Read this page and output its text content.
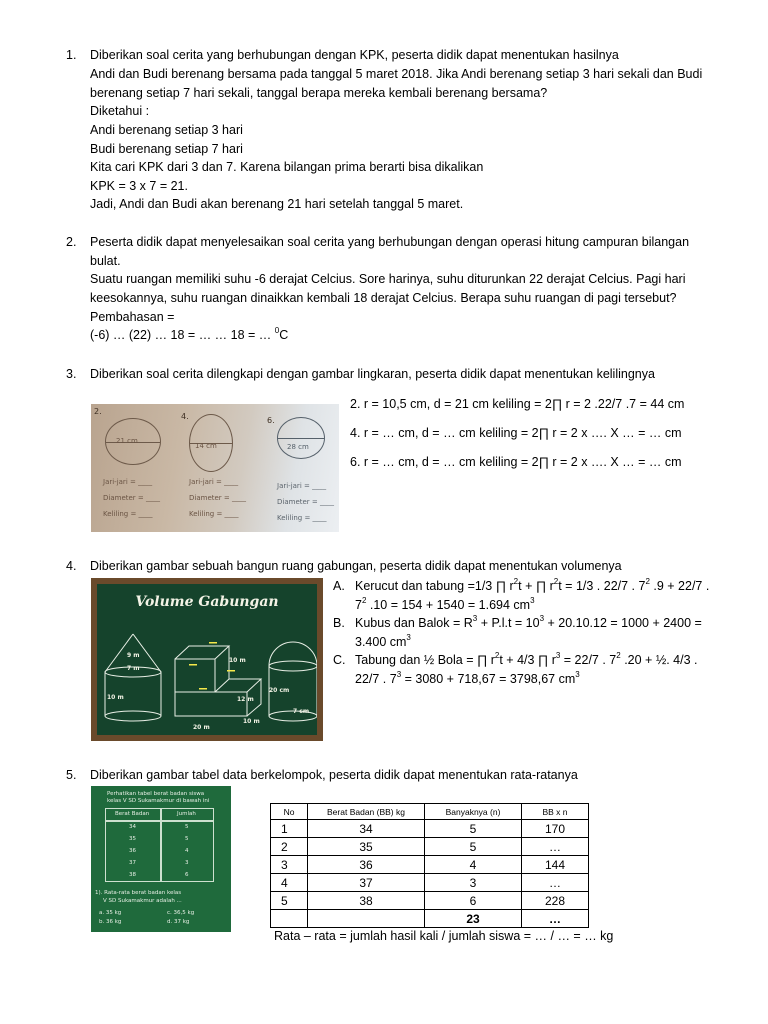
1. Diberikan soal cerita yang berhubungan dengan KPK, peserta didik dapat menentukan hasilnya
Andi dan Budi berenang bersama pada tanggal 5 maret 2018. Jika Andi berenang setiap 3 hari sekali dan Budi
berenang setiap 7 hari sekali, tanggal berapa mereka kembali berenang bersama?
Diketahui :
Andi berenang setiap 3 hari
Budi berenang setiap 7 hari
Kita cari KPK dari 3 dan 7. Karena bilangan prima berarti bisa dikalikan
KPK = 3 x 7 = 21.
Jadi, Andi dan Budi akan berenang 21 hari setelah tanggal 5 maret.
2. Peserta didik dapat menyelesaikan soal cerita yang berhubungan dengan operasi hitung campuran bilangan
bulat.
Suatu ruangan memiliki suhu -6 derajat Celcius. Sore harinya, suhu diturunkan 22 derajat Celcius. Pagi hari
keesokannya, suhu ruangan dinaikkan kembali 18 derajat Celcius. Berapa suhu ruangan di pagi tersebut?
Pembahasan =
(-6) … (22) … 18 = … … 18 = … $^0$C
3. Diberikan soal cerita dilengkapi dengan gambar lingkaran, peserta didik dapat menentukan kelilingnya
2.
4.	6.
21 cm
14 cm	28 cm
Jari-jari = ____
Diameter = ____
Keliling = ____
Jari-jari = ____
Diameter = ____
Keliling = ____
Jari-jari = ____
Diameter = ____
Keliling = ____
2. r = 10,5 cm, d = 21 cm keliling = 2∏ r = 2 .22/7 .7 = 44 cm
4. r = … cm, d = … cm keliling = 2∏ r = 2 x …. X … = … cm
6. r = … cm, d = … cm keliling = 2∏ r = 2 x …. X … = … cm
4. Diberikan gambar sebuah bangun ruang gabungan, peserta didik dapat menentukan volumenya
Volume Gabungan
9 m
7 m
10 m
10 m
12 m
20 m
10 m
20 cm
7 cm
A. Kerucut dan tabung =1/3 ∏ $r^2t$ + ∏ $r^2t = 1/3$ . 22/7 . $7^2$ .9 + 22/7 .
$7^2$ .10 = 154 + 1540 = 1.694 $cm^3$
B. Kubus dan Balok = $R^3 + P.l.t = 10^3 + 20.10.12 = 1000 + 2400$ =
3.400 $cm^3$
C. Tabung dan ½ Bola = ∏ $r^2t + 4/3$ ∏ $r^3 = 22/7$ . $7^2$ .20 + ½. 4/3 .
22/7 . $7^3 = 3080 + 718,67 = 3798,67$ $cm^3$
5. Diberikan gambar tabel data berkelompok, peserta didik dapat menentukan rata-ratanya
Perhatikan tabel berat badan siswa
kelas V SD Sukamakmur di bawah ini
Berat Badan	Jumlah
34	5
35	5
36	4
37	3
38	6
1). Rata-rata berat badan kelas
V SD Sukamakmur adalah ...
a. 35 kg	c. 36,5 kg
b. 36 kg	d. 37 kg
No	Berat Badan (BB) kg	Banyaknya (n)	BB x n
1	34	5	170
2	35	5	…
3	36	4	144
4	37	3	…
5	38	6	228
		23	…
Rata – rata = jumlah hasil kali / jumlah siswa = … / … = … kg
